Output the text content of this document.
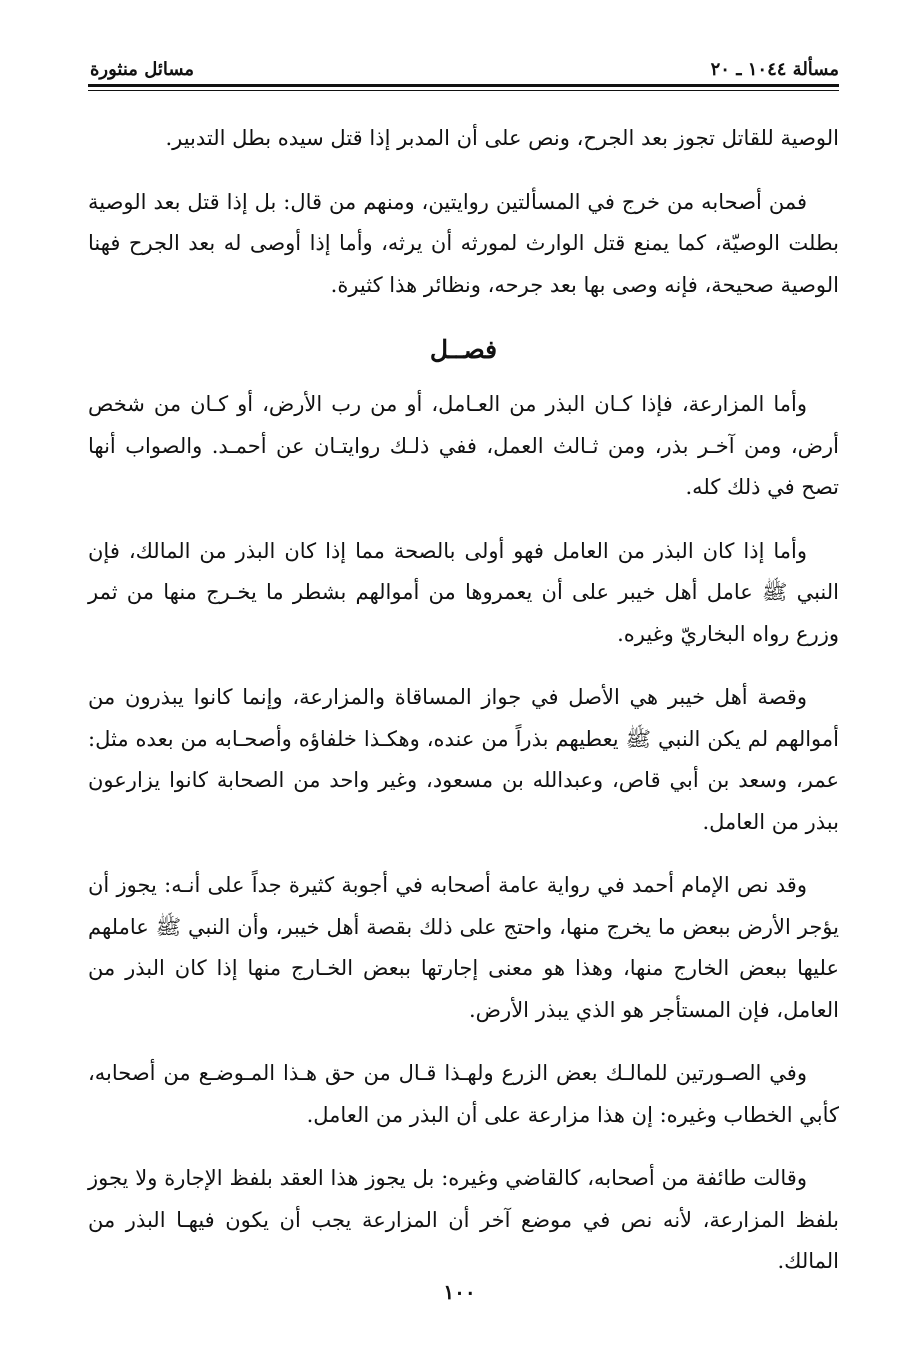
مسألة ١٠٤٤ ـ ٢٠
مسائل منثورة

الوصية للقاتل تجوز بعد الجرح، ونص على أن المدبر إذا قتل سيده بطل التدبير.

فمن أصحابه من خرج في المسألتين روايتين، ومنهم من قال: بل إذا قتل بعد الوصية بطلت الوصيّة، كما يمنع قتل الوارث لمورثه أن يرثه، وأما إذا أوصى له بعد الجرح فهنا الوصية صحيحة، فإنه وصى بها بعد جرحه، ونظائر هذا كثيرة.

فصــل

وأما المزارعة، فإذا كـان البذر من العـامل، أو من رب الأرض، أو كـان من شخص أرض، ومن آخـر بذر، ومن ثـالث العمل، ففي ذلـك روايتـان عن أحمـد. والصواب أنها تصح في ذلك كله.

وأما إذا كان البذر من العامل فهو أولى بالصحة مما إذا كان البذر من المالك، فإن النبي ﷺ عامل أهل خيبر على أن يعمروها من أموالهم بشطر ما يخـرج منها من ثمر وزرع رواه البخاريّ وغيره.

وقصة أهل خيبر هي الأصل في جواز المساقاة والمزارعة، وإنما كانوا يبذرون من أموالهم لم يكن النبي ﷺ يعطيهم بذراً من عنده، وهكـذا خلفاؤه وأصحـابه من بعده مثل: عمر، وسعد بن أبي قاص، وعبدالله بن مسعود، وغير واحد من الصحابة كانوا يزارعون ببذر من العامل.

وقد نص الإمام أحمد في رواية عامة أصحابه في أجوبة كثيرة جداً على أنـه: يجوز أن يؤجر الأرض ببعض ما يخرج منها، واحتج على ذلك بقصة أهل خيبر، وأن النبي ﷺ عاملهم عليها ببعض الخارج منها، وهذا هو معنى إجارتها ببعض الخـارج منها إذا كان البذر من العامل، فإن المستأجر هو الذي يبذر الأرض.

وفي الصـورتين للمالـك بعض الزرع ولهـذا قـال من حق هـذا المـوضـع من أصحابه، كأبي الخطاب وغيره: إن هذا مزارعة على أن البذر من العامل.

وقالت طائفة من أصحابه، كالقاضي وغيره: بل يجوز هذا العقد بلفظ الإجارة ولا يجوز بلفظ المزارعة، لأنه نص في موضع آخر أن المزارعة يجب أن يكون فيهـا البذر من المالك.

١٠٠
